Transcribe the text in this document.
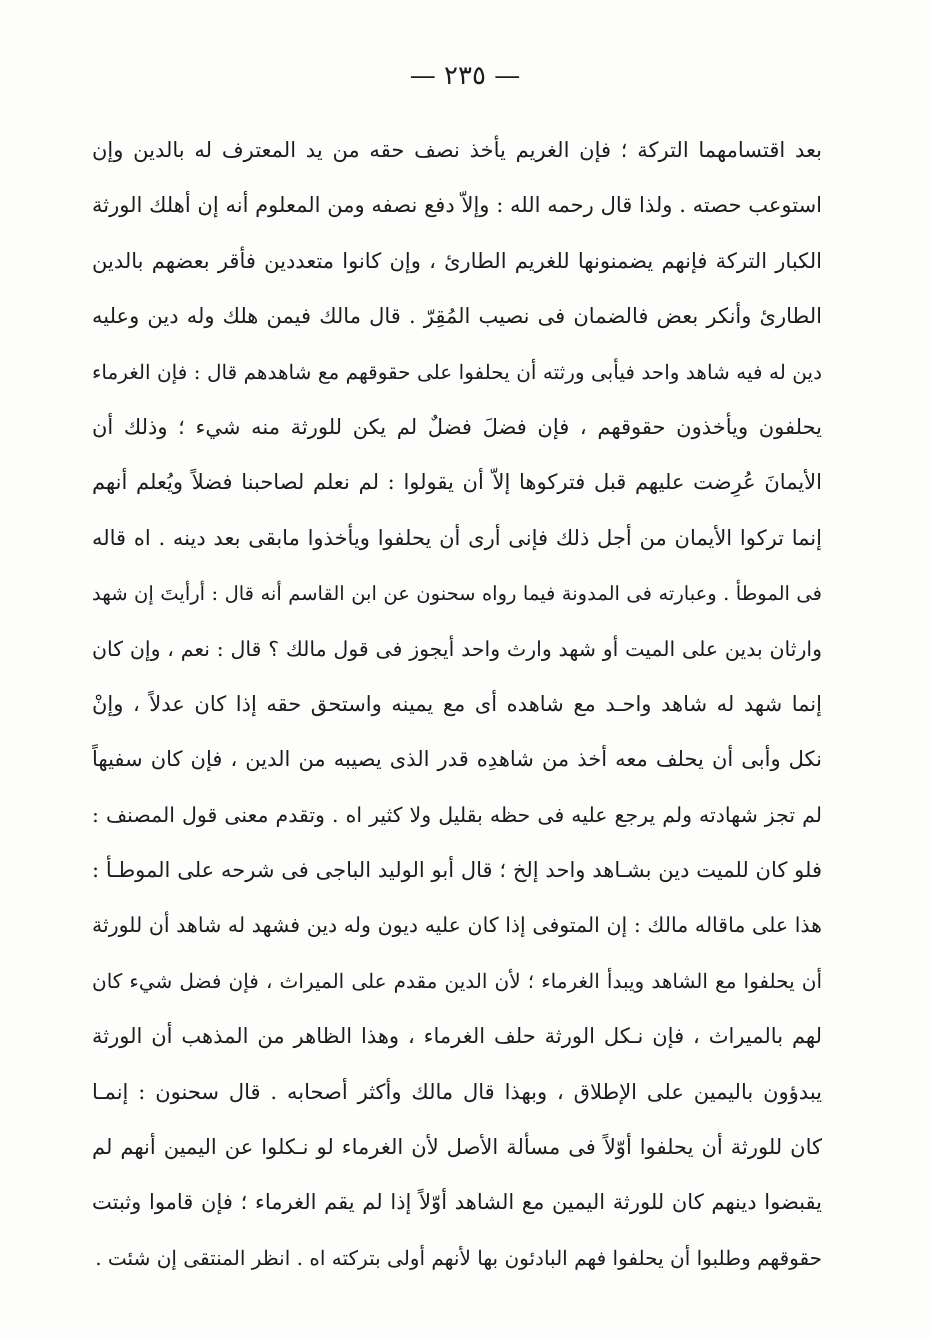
— ٢٣٥ —
بعد اقتسامهما التركة ؛ فإن الغريم يأخذ نصف حقه من يد المعترف له بالدين وإن
استوعب حصته . ولذا قال رحمه الله : وإلاّ دفع نصفه ومن المعلوم أنه إن أهلك الورثة
الكبار التركة فإنهم يضمنونها للغريم الطارئ ، وإن كانوا متعددين فأقر بعضهم بالدين
الطارئ وأنكر بعض فالضمان فى نصيب المُقِرّ . قال مالك فيمن هلك وله دين وعليه
دين له فيه شاهد واحد فيأبى ورثته أن يحلفوا على حقوقهم مع شاهدهم قال : فإن الغرماء
يحلفون ويأخذون حقوقهم ، فإن فضلَ فضلٌ لم يكن للورثة منه شيء ؛ وذلك أن
الأيمانَ عُرِضت عليهم قبل فتركوها إلاّ أن يقولوا : لم نعلم لصاحبنا فضلاً ويُعلم أنهم
إنما تركوا الأيمان من أجل ذلك فإنى أرى أن يحلفوا ويأخذوا مابقى بعد دينه . اه قاله
فى الموطأ . وعبارته فى المدونة فيما رواه سحنون عن ابن القاسم أنه قال : أرأيتَ إن شهد
وارثان بدين على الميت أو شهد وارث واحد أيجوز فى قول مالك ؟ قال : نعم ، وإن كان
إنما شهد له شاهد واحـد مع شاهده أى مع يمينه واستحق حقه إذا كان عدلاً ، وإنْ
نكل وأبى أن يحلف معه أخذ من شاهدِه قدر الذى يصيبه من الدين ، فإن كان سفيهاً
لم تجز شهادته ولم يرجع عليه فى حظه بقليل ولا كثير اه . وتقدم معنى قول المصنف :
فلو كان للميت دين بشـاهد واحد إلخ ؛ قال أبو الوليد الباجى فى شرحه على الموطـأ :
هذا على ماقاله مالك : إن المتوفى إذا كان عليه ديون وله دين فشهد له شاهد أن للورثة
أن يحلفوا مع الشاهد ويبدأ الغرماء ؛ لأن الدين مقدم على الميراث ، فإن فضل شيء كان
لهم بالميراث ، فإن نـكل الورثة حلف الغرماء ، وهذا الظاهر من المذهب أن الورثة
يبدؤون باليمين على الإطلاق ، وبهذا قال مالك وأكثر أصحابه . قال سحنون : إنمـا
كان للورثة أن يحلفوا أوّلاً فى مسألة الأصل لأن الغرماء لو نـكلوا عن اليمين أنهم لم
يقبضوا دينهم كان للورثة اليمين مع الشاهد أوّلاً إذا لم يقم الغرماء ؛ فإن قاموا وثبتت
حقوقهم وطلبوا أن يحلفوا فهم البادئون بها لأنهم أولى بتركته اه . انظر المنتقى إن شئت .
